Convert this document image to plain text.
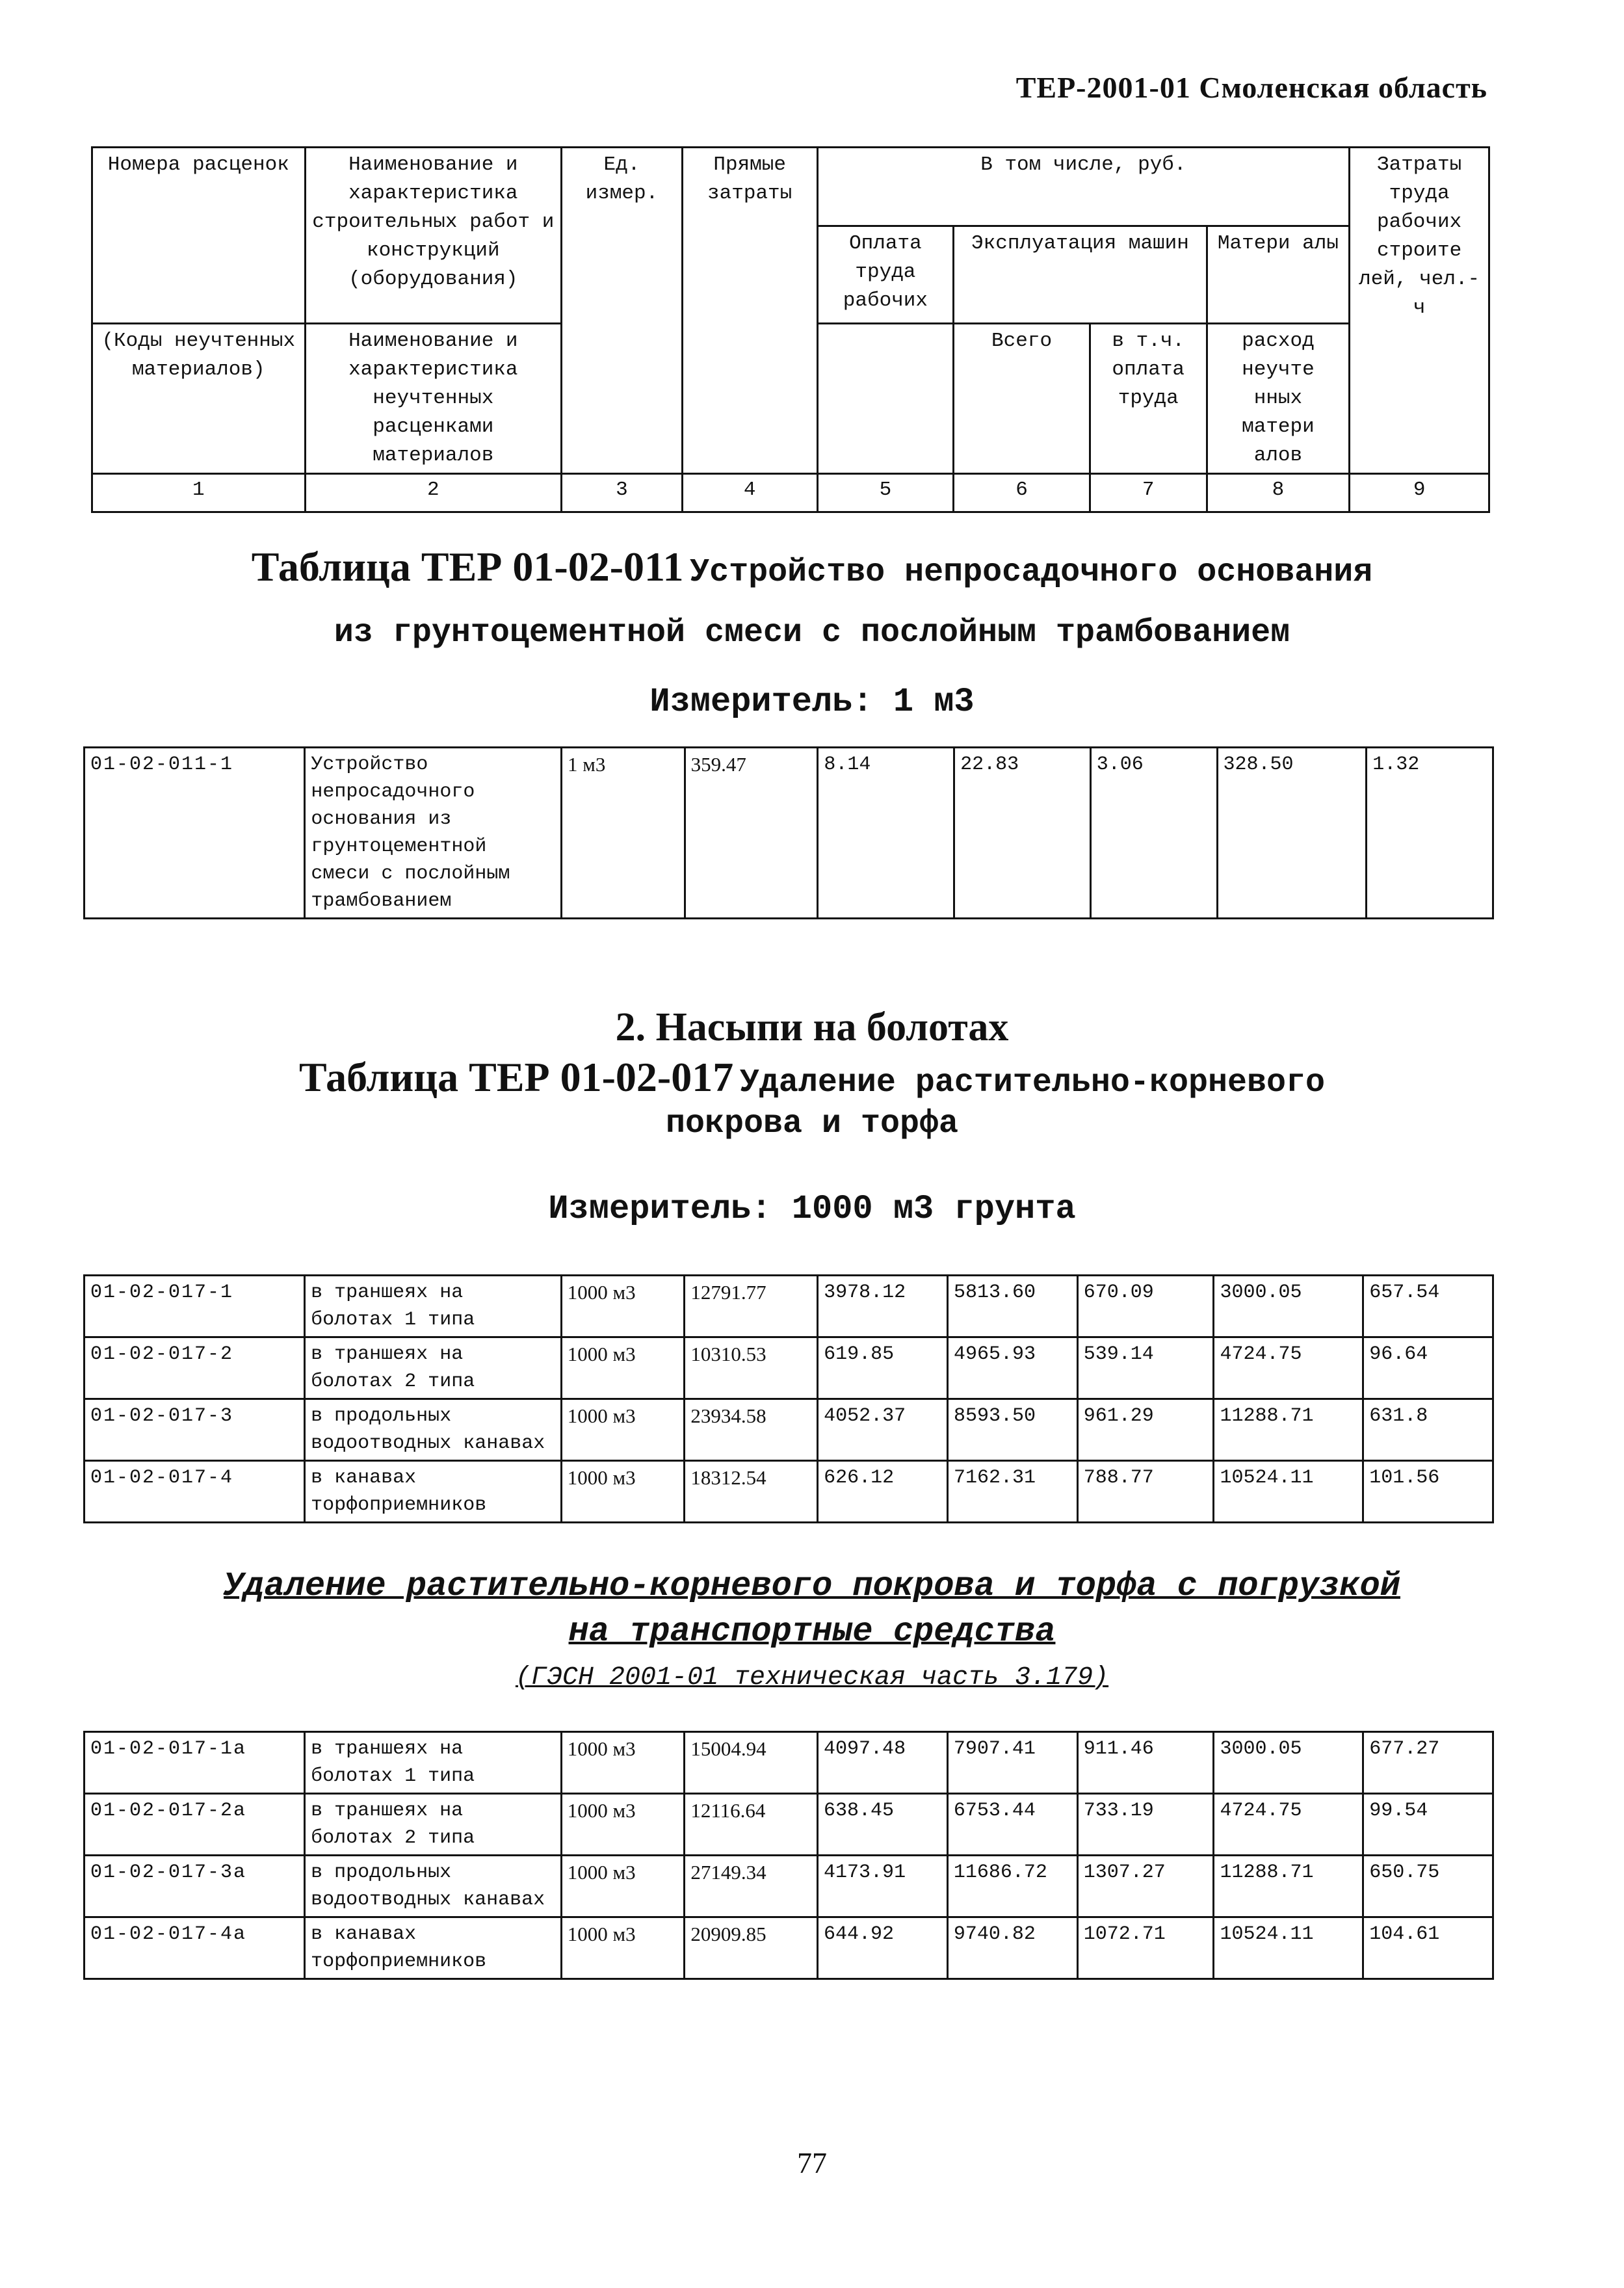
ТЕР-2001-01 Смоленская область
Номера расценок	Наименование и характеристика строительных работ и конструкций (оборудования)	Ед. измер.	Прямые затраты	В том числе, руб.				Затраты труда рабочих строите лей, чел.-ч
				Оплата труда рабочих	Эксплуатация машин		Матери алы	

(Коды неучтенных материалов)	Наименование и характеристика неучтенных расценками материалов				Всего	в т.ч. оплата труда	расход неучте нных матери алов	

1	2	3	4	5	6	7	8	9
Таблица ТЕР 01-02-011 Устройство непросадочного основания
из грунтоцементной смеси с послойным трамбованием
Измеритель: 1 м3
01-02-011-1	Устройство непросадочного основания из грунтоцементной смеси с послойным трамбованием	1 м3	359.47	8.14	22.83	3.06	328.50	1.32
2. Насыпи на болотах
Таблица ТЕР 01-02-017 Удаление растительно-корневого
покрова и торфа
Измеритель: 1000 м3 грунта
01-02-017-1	в траншеях на болотах 1 типа	1000 м3	12791.77	3978.12	5813.60	670.09	3000.05	657.54
01-02-017-2	в траншеях на болотах 2 типа	1000 м3	10310.53	619.85	4965.93	539.14	4724.75	96.64
01-02-017-3	в продольных водоотводных канавах	1000 м3	23934.58	4052.37	8593.50	961.29	11288.71	631.8
01-02-017-4	в канавах торфоприемников	1000 м3	18312.54	626.12	7162.31	788.77	10524.11	101.56
Удаление растительно-корневого покрова и торфа с погрузкой
на транспортные средства
(ГЭСН 2001-01 техническая часть 3.179)
01-02-017-1а	в траншеях на болотах 1 типа	1000 м3	15004.94	4097.48	7907.41	911.46	3000.05	677.27
01-02-017-2а	в траншеях на болотах 2 типа	1000 м3	12116.64	638.45	6753.44	733.19	4724.75	99.54
01-02-017-3а	в продольных водоотводных канавах	1000 м3	27149.34	4173.91	11686.72	1307.27	11288.71	650.75
01-02-017-4а	в канавах торфоприемников	1000 м3	20909.85	644.92	9740.82	1072.71	10524.11	104.61
77
